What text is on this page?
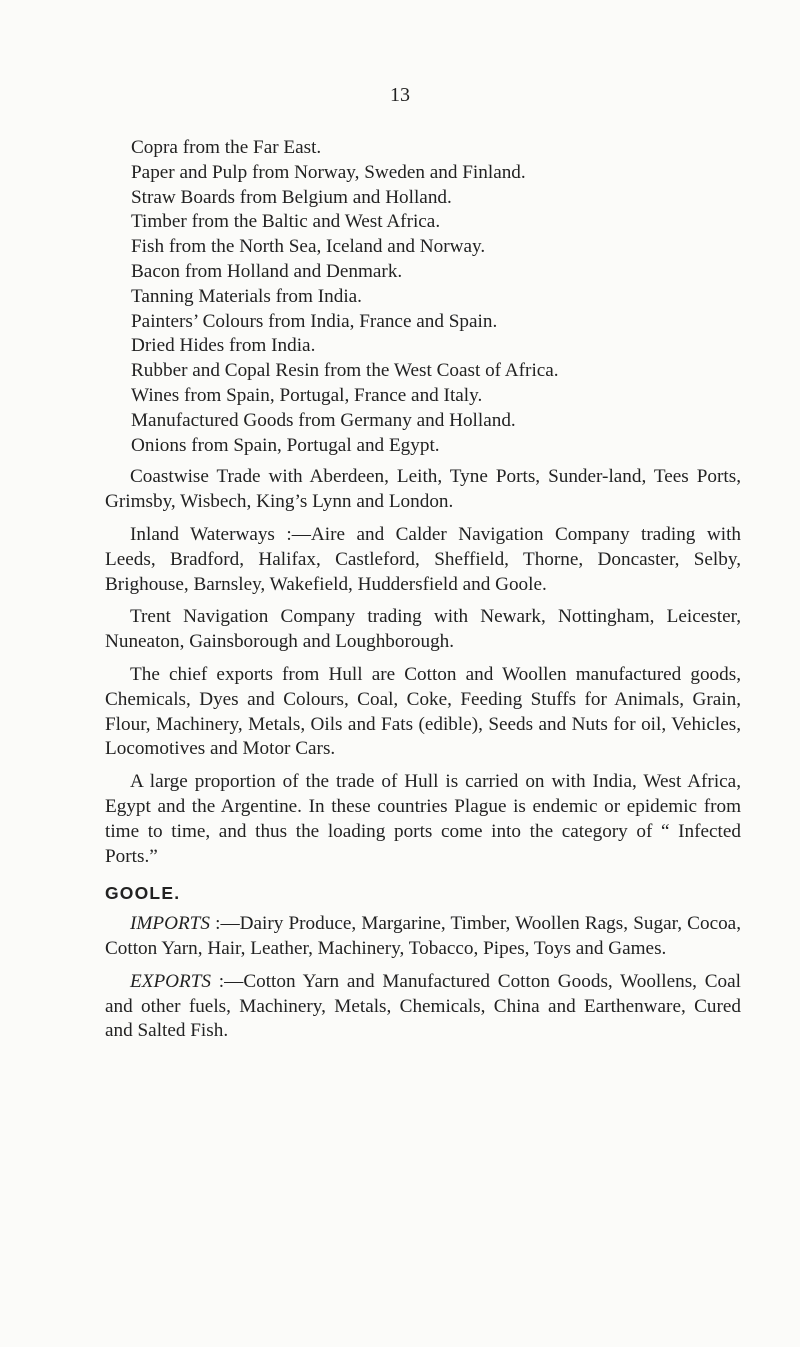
13
Copra from the Far East.
Paper and Pulp from Norway, Sweden and Finland.
Straw Boards from Belgium and Holland.
Timber from the Baltic and West Africa.
Fish from the North Sea, Iceland and Norway.
Bacon from Holland and Denmark.
Tanning Materials from India.
Painters’ Colours from India, France and Spain.
Dried Hides from India.
Rubber and Copal Resin from the West Coast of Africa.
Wines from Spain, Portugal, France and Italy.
Manufactured Goods from Germany and Holland.
Onions from Spain, Portugal and Egypt.

Coastwise Trade with Aberdeen, Leith, Tyne Ports, Sunder-land, Tees Ports, Grimsby, Wisbech, King’s Lynn and London.

Inland Waterways :—Aire and Calder Navigation Company trading with Leeds, Bradford, Halifax, Castleford, Sheffield, Thorne, Doncaster, Selby, Brighouse, Barnsley, Wakefield, Huddersfield and Goole.

Trent Navigation Company trading with Newark, Nottingham, Leicester, Nuneaton, Gainsborough and Loughborough.

The chief exports from Hull are Cotton and Woollen manufactured goods, Chemicals, Dyes and Colours, Coal, Coke, Feeding Stuffs for Animals, Grain, Flour, Machinery, Metals, Oils and Fats (edible), Seeds and Nuts for oil, Vehicles, Locomotives and Motor Cars.

A large proportion of the trade of Hull is carried on with India, West Africa, Egypt and the Argentine. In these countries Plague is endemic or epidemic from time to time, and thus the loading ports come into the category of “ Infected Ports.”

GOOLE.

IMPORTS :—Dairy Produce, Margarine, Timber, Woollen Rags, Sugar, Cocoa, Cotton Yarn, Hair, Leather, Machinery, Tobacco, Pipes, Toys and Games.

EXPORTS :—Cotton Yarn and Manufactured Cotton Goods, Woollens, Coal and other fuels, Machinery, Metals, Chemicals, China and Earthenware, Cured and Salted Fish.
